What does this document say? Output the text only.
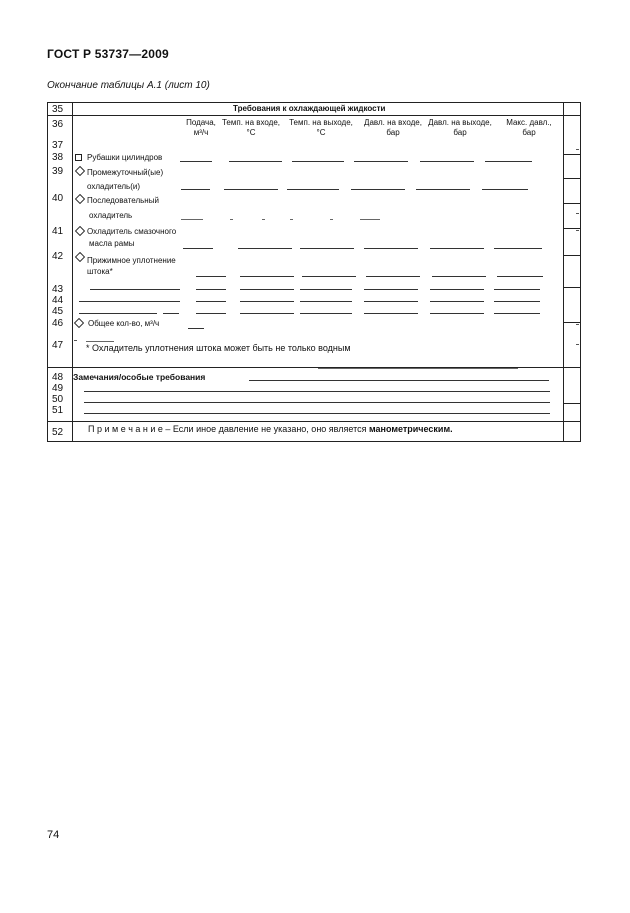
ГОСТ Р 53737—2009
Окончание таблицы А.1 (лист 10)
35
36
37
38
39
40
41
42
43
44
45
46
47
48
49
50
51
52
Требования к охлаждающей жидкости
Подача,
м³/ч
Темп. на входе,
°C
Темп. на выходе,
°C
Давл. на входе,
бар
Давл. на выходе,
бар
Макс. давл.,
бар
Рубашки цилиндров
Промежуточный(ые)
охладитель(и)
Последовательный
охладитель
Охладитель смазочного
масла рамы
Прижимное уплотнение
штока*
Общее кол-во, м³/ч
* Охладитель уплотнения штока может быть не только водным
Замечания/особые требования
П р и м е ч а н и е – Если иное давление не указано, оно является манометрическим.
74
